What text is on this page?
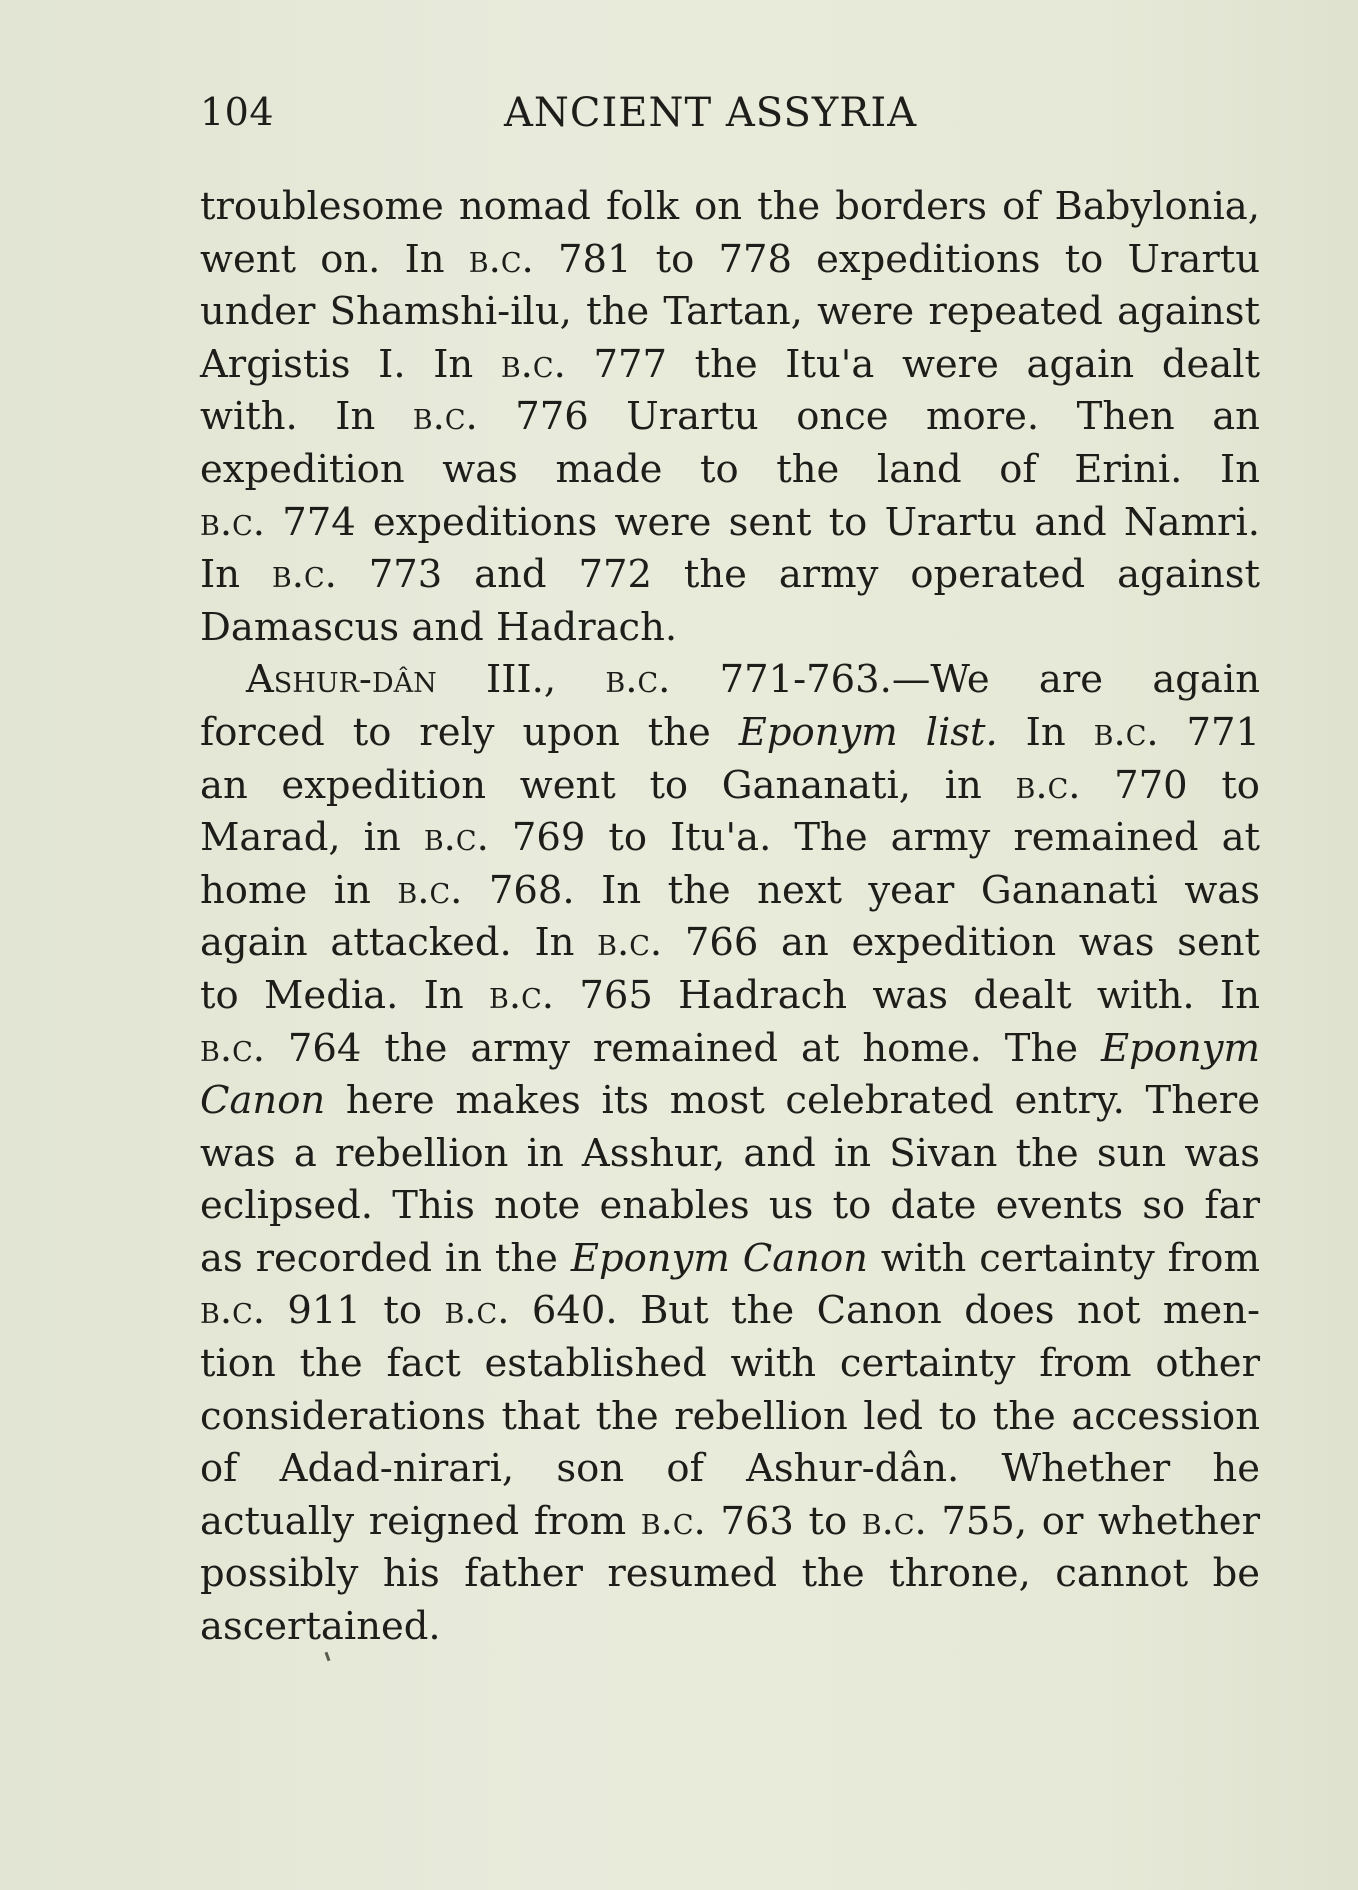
104	ANCIENT ASSYRIA
troublesome nomad folk on the borders of Babylonia,
went on. In b.c. 781 to 778 expeditions to Urartu
under Shamshi-ilu, the Tartan, were repeated against
Argistis I. In b.c. 777 the Itu'a were again dealt
with. In b.c. 776 Urartu once more. Then an
expedition was made to the land of Erini. In
b.c. 774 expeditions were sent to Urartu and Namri.
In b.c. 773 and 772 the army operated against
Damascus and Hadrach.
Ashur-dân III., b.c. 771-763.—We are again
forced to rely upon the Eponym list. In b.c. 771
an expedition went to Gananati, in b.c. 770 to
Marad, in b.c. 769 to Itu'a. The army remained at
home in b.c. 768. In the next year Gananati was
again attacked. In b.c. 766 an expedition was sent
to Media. In b.c. 765 Hadrach was dealt with. In
b.c. 764 the army remained at home. The Eponym
Canon here makes its most celebrated entry. There
was a rebellion in Asshur, and in Sivan the sun was
eclipsed. This note enables us to date events so far
as recorded in the Eponym Canon with certainty from
b.c. 911 to b.c. 640. But the Canon does not men-
tion the fact established with certainty from other
considerations that the rebellion led to the accession
of Adad-nirari, son of Ashur-dân. Whether he
actually reigned from b.c. 763 to b.c. 755, or whether
possibly his father resumed the throne, cannot be
ascertained.
